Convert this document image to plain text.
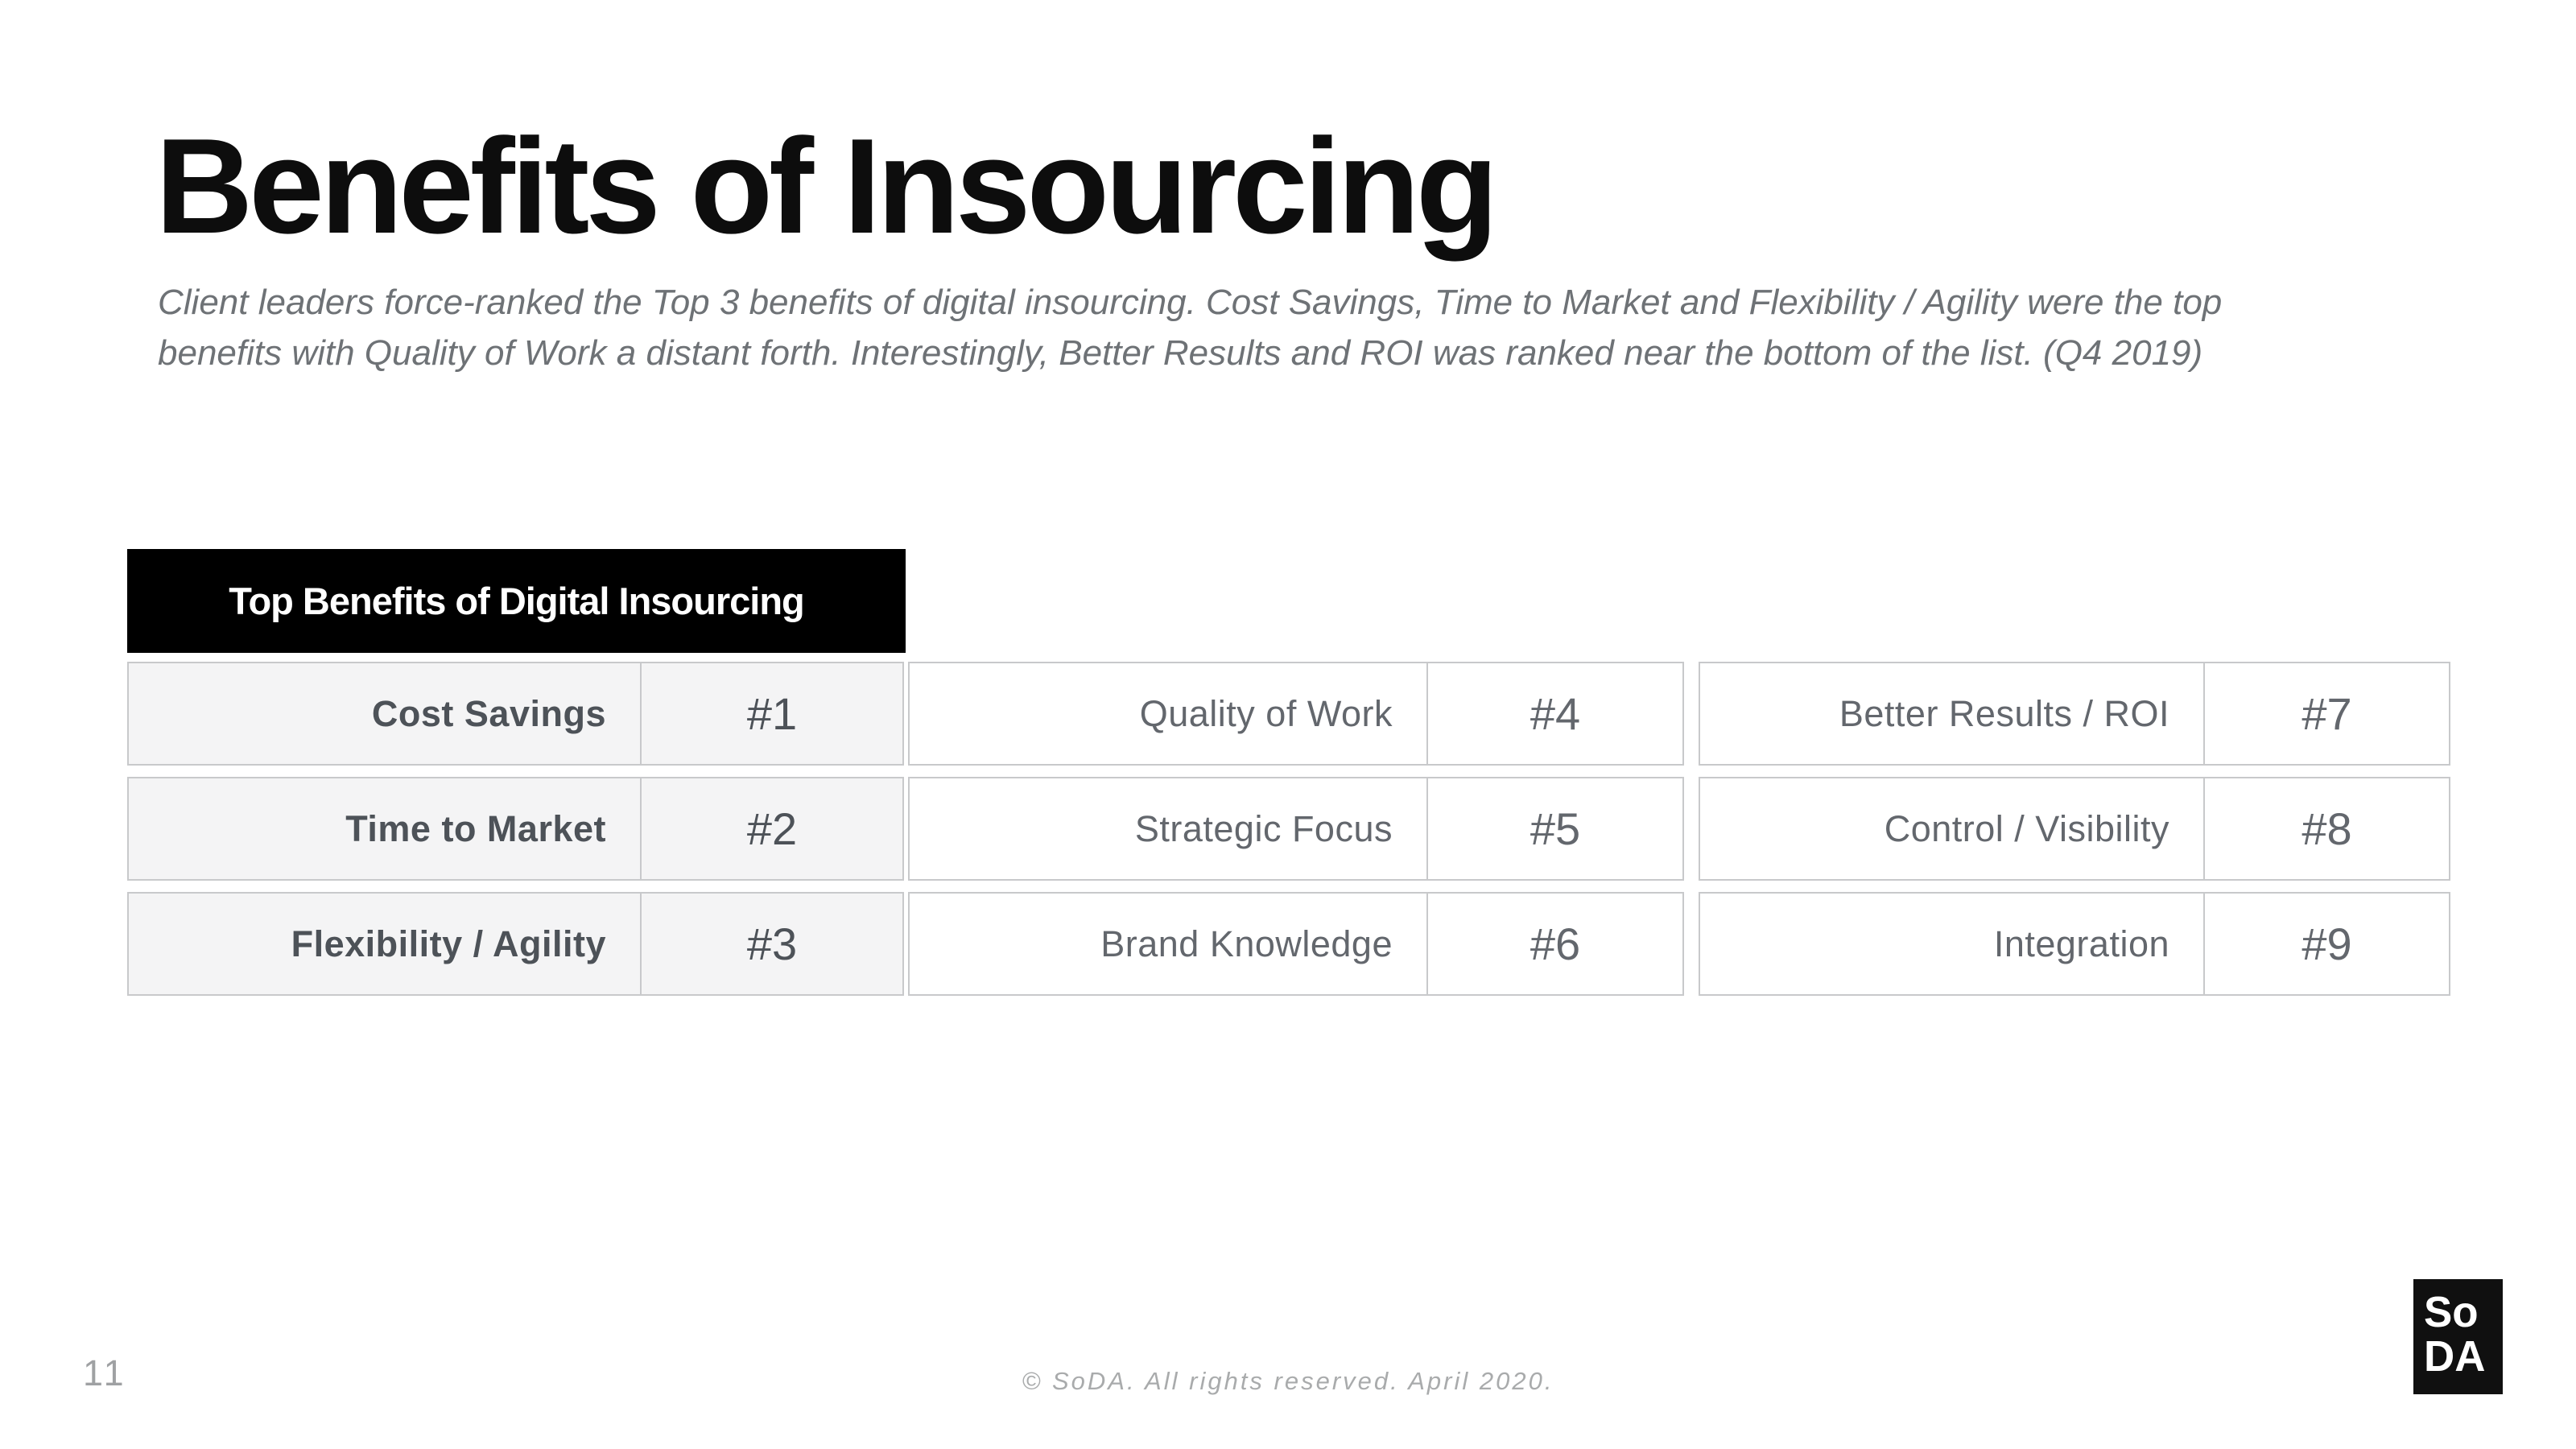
Benefits of Insourcing
Client leaders force-ranked the Top 3 benefits of digital insourcing. Cost Savings, Time to Market and Flexibility / Agility were the top benefits with Quality of Work a distant forth. Interestingly, Better Results and ROI was ranked near the bottom of the list. (Q4 2019)
Top Benefits of Digital Insourcing
Cost Savings	#1
Time to Market	#2
Flexibility / Agility	#3
Quality of Work	#4
Strategic Focus	#5
Brand Knowledge	#6
Better Results / ROI	#7
Control / Visibility	#8
Integration	#9
11	© SoDA. All rights reserved. April 2020.
So
DA
